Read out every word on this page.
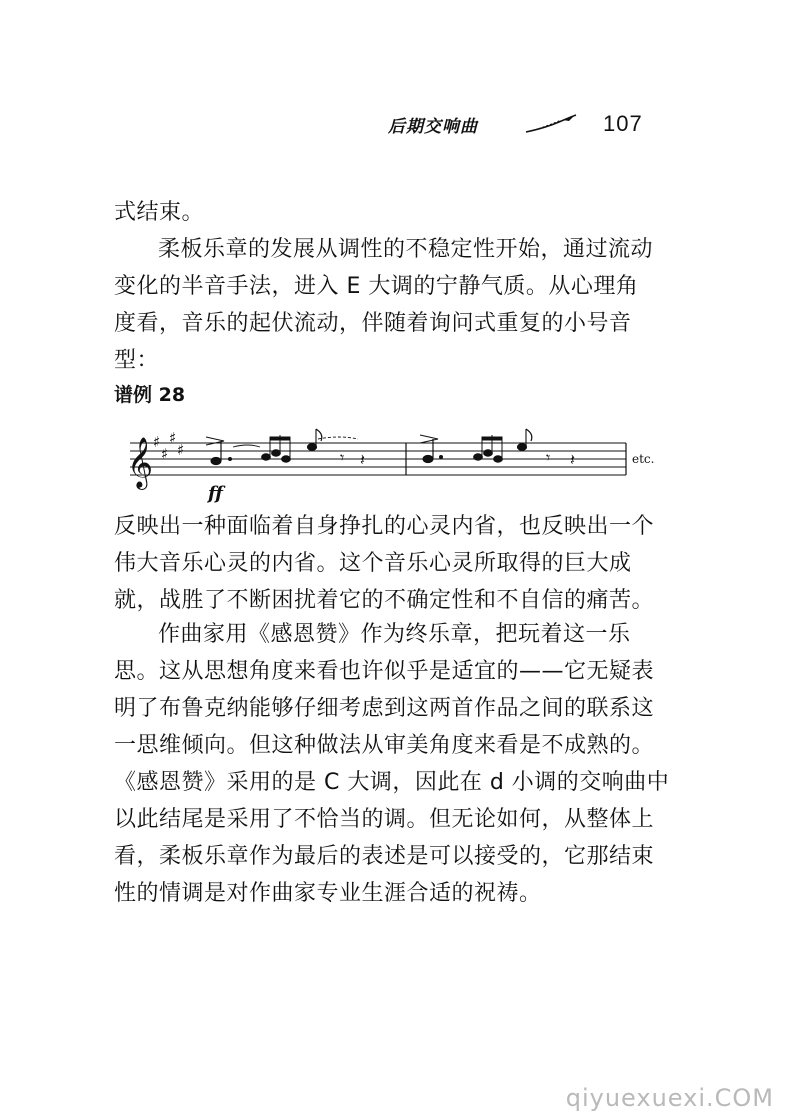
后期交响曲	107
式结束。
柔板乐章的发展从调性的不稳定性开始，通过流动
变化的半音手法，进入 E 大调的宁静气质。从心理角
度看，音乐的起伏流动，伴随着询问式重复的小号音
型：
谱例 28
𝄞 ♯
♯
♯
♯	𝄾 𝄽
ff
𝄾 𝄽	etc.
反映出一种面临着自身挣扎的心灵内省，也反映出一个
伟大音乐心灵的内省。这个音乐心灵所取得的巨大成
就，战胜了不断困扰着它的不确定性和不自信的痛苦。
作曲家用《感恩赞》作为终乐章，把玩着这一乐
思。这从思想角度来看也许似乎是适宜的——它无疑表
明了布鲁克纳能够仔细考虑到这两首作品之间的联系这
一思维倾向。但这种做法从审美角度来看是不成熟的。
《感恩赞》采用的是 C 大调，因此在 d 小调的交响曲中
以此结尾是采用了不恰当的调。但无论如何，从整体上
看，柔板乐章作为最后的表述是可以接受的，它那结束
性的情调是对作曲家专业生涯合适的祝祷。
qiyuexuexi.COM
